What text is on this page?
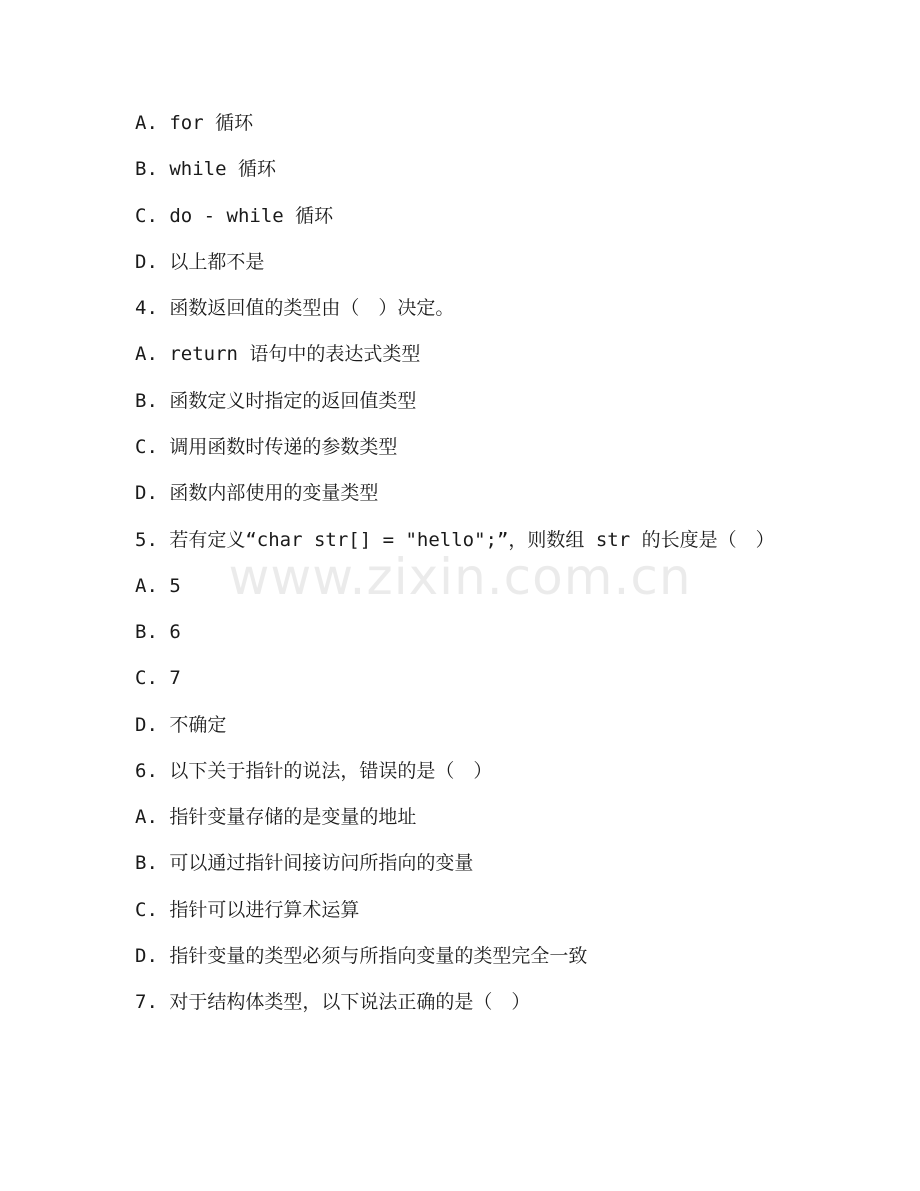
A. for 循环
B. while 循环
C. do - while 循环
D. 以上都不是
4. 函数返回值的类型由（　）决定。
A. return 语句中的表达式类型
B. 函数定义时指定的返回值类型
C. 调用函数时传递的参数类型
D. 函数内部使用的变量类型
5. 若有定义“char str[] = "hello";”，则数组 str 的长度是（　）
A. 5
B. 6
C. 7
D. 不确定
6. 以下关于指针的说法，错误的是（　）
A. 指针变量存储的是变量的地址
B. 可以通过指针间接访问所指向的变量
C. 指针可以进行算术运算
D. 指针变量的类型必须与所指向变量的类型完全一致
7. 对于结构体类型，以下说法正确的是（　）
www.zixin.com.cn
